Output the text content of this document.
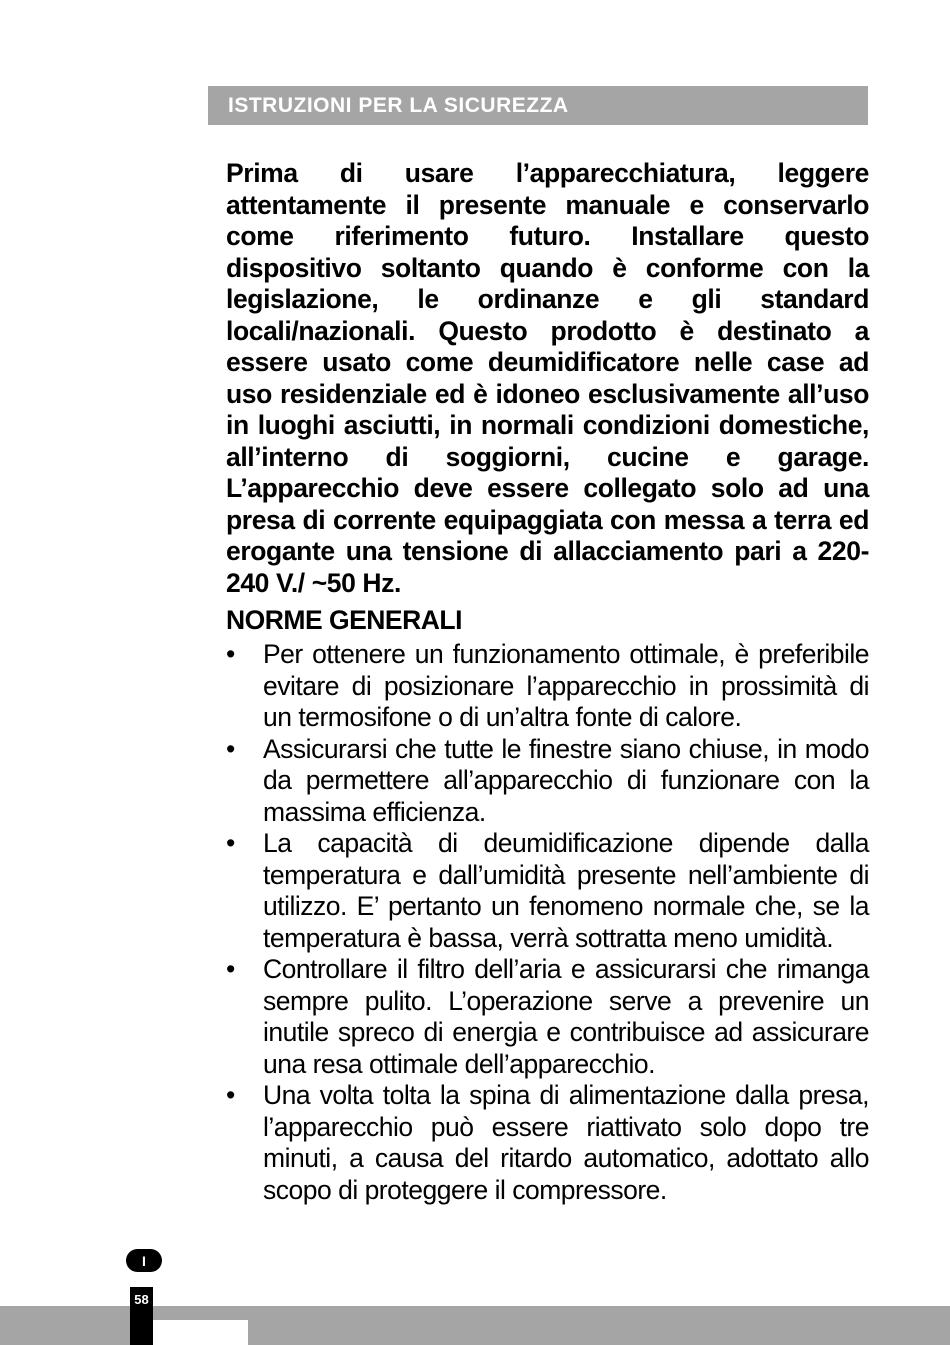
ISTRUZIONI PER LA SICUREZZA

Prima di usare l’apparecchiatura, leggere attentamente il presente manuale e conservarlo come riferimento futuro. Installare questo dispositivo soltanto quando è conforme con la legislazione, le ordinanze e gli standard locali/nazionali. Questo prodotto è destinato a essere usato come deumidificatore nelle case ad uso residenziale ed è idoneo esclusivamente all’uso in luoghi asciutti, in normali condizioni domestiche, all’interno di soggiorni, cucine e garage. L’apparecchio deve essere collegato solo ad una presa di corrente equipaggiata con messa a terra ed erogante una tensione di allacciamento pari a 220-240 V./ ~50 Hz.

NORME GENERALI
•	Per ottenere un funzionamento ottimale, è preferibile evitare di posizionare l’apparecchio in prossimità di un termosifone o di un’altra fonte di calore.
•	Assicurarsi che tutte le finestre siano chiuse, in modo da permettere all’apparecchio di funzionare con la massima efficienza.
•	La capacità di deumidificazione dipende dalla temperatura e dall’umidità presente nell’ambiente di utilizzo. E’ pertanto un fenomeno normale che, se la temperatura è bassa, verrà sottratta meno umidità.
•	Controllare il filtro dell’aria e assicurarsi che rimanga sempre pulito. L’operazione serve a prevenire un inutile spreco di energia e contribuisce ad assicurare una resa ottimale dell’apparecchio.
•	Una volta tolta la spina di alimentazione dalla presa, l’apparecchio può essere riattivato solo dopo tre minuti, a causa del ritardo automatico, adottato allo scopo di proteggere il compressore.
I
58
